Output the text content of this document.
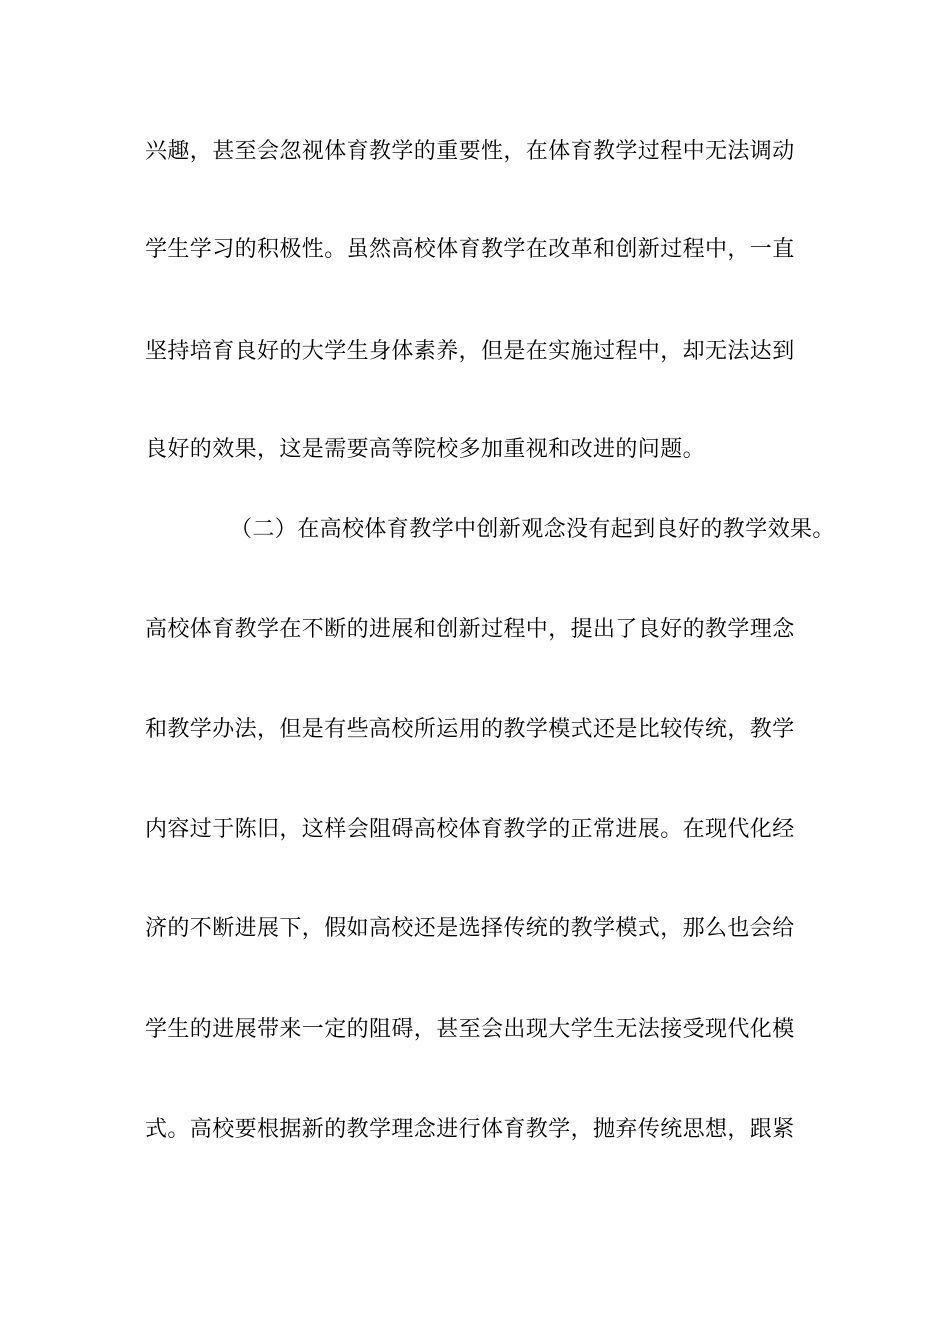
兴趣，甚至会忽视体育教学的重要性，在体育教学过程中无法调动
学生学习的积极性。虽然高校体育教学在改革和创新过程中，一直
坚持培育良好的大学生身体素养，但是在实施过程中，却无法达到
良好的效果，这是需要高等院校多加重视和改进的问题。
（二）在高校体育教学中创新观念没有起到良好的教学效果。
高校体育教学在不断的进展和创新过程中，提出了良好的教学理念
和教学办法，但是有些高校所运用的教学模式还是比较传统，教学
内容过于陈旧，这样会阻碍高校体育教学的正常进展。在现代化经
济的不断进展下，假如高校还是选择传统的教学模式，那么也会给
学生的进展带来一定的阻碍，甚至会出现大学生无法接受现代化模
式。高校要根据新的教学理念进行体育教学，抛弃传统思想，跟紧
